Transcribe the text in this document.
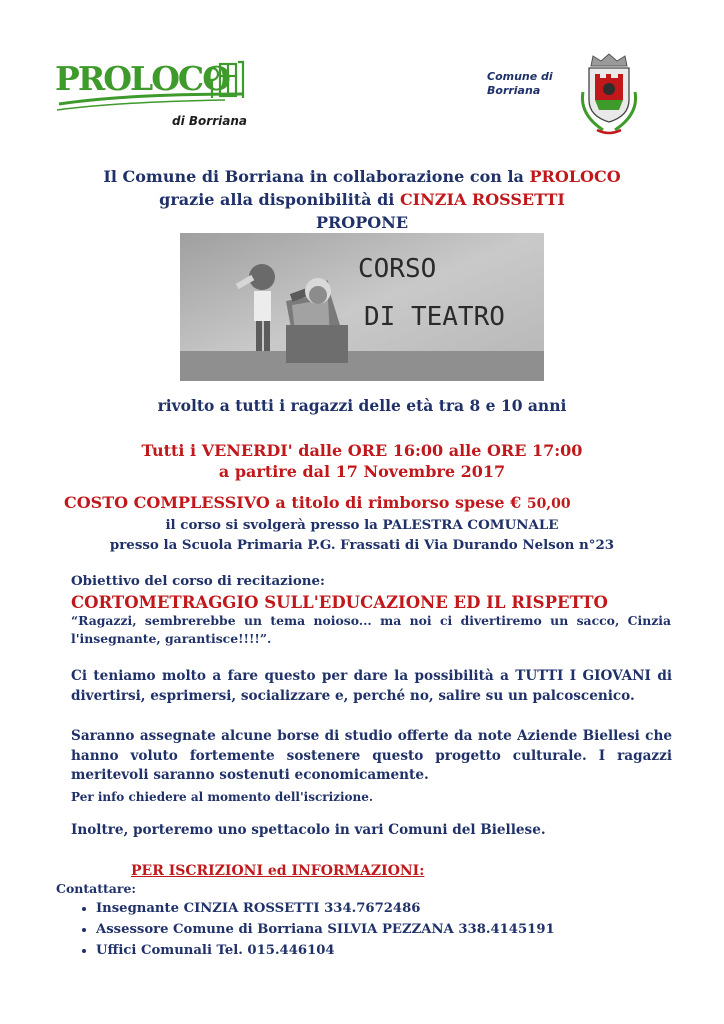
PROLOCO
di Borriana
Comune di
Borriana
Il Comune di Borriana in collaborazione con la PROLOCO
grazie alla disponibilità di CINZIA ROSSETTI
PROPONE
CORSO
DI TEATRO
rivolto a tutti i ragazzi delle età tra 8 e 10 anni
Tutti i VENERDI' dalle ORE 16:00 alle ORE 17:00
a partire dal 17 Novembre 2017
COSTO COMPLESSIVO a titolo di rimborso spese € 50,00
il corso si svolgerà presso la PALESTRA COMUNALE
presso la Scuola Primaria P.G. Frassati di Via Durando Nelson n°23
Obiettivo del corso di recitazione:
CORTOMETRAGGIO SULL'EDUCAZIONE ED IL RISPETTO
“Ragazzi, sembrerebbe un tema noioso... ma noi ci divertiremo un sacco, Cinzia l'insegnante, garantisce!!!!”.
Ci teniamo molto a fare questo per dare la possibilità a TUTTI I GIOVANI di divertirsi, esprimersi, socializzare e, perché no, salire su un palcoscenico.
Saranno assegnate alcune borse di studio offerte da note Aziende Biellesi che hanno voluto fortemente sostenere questo progetto culturale. I ragazzi meritevoli saranno sostenuti economicamente.
Per info chiedere al momento dell'iscrizione.
Inoltre, porteremo uno spettacolo in vari Comuni del Biellese.
PER ISCRIZIONI ed INFORMAZIONI:
Contattare:
• Insegnante CINZIA ROSSETTI 334.7672486
• Assessore Comune di Borriana SILVIA PEZZANA 338.4145191
• Uffici Comunali Tel. 015.446104
